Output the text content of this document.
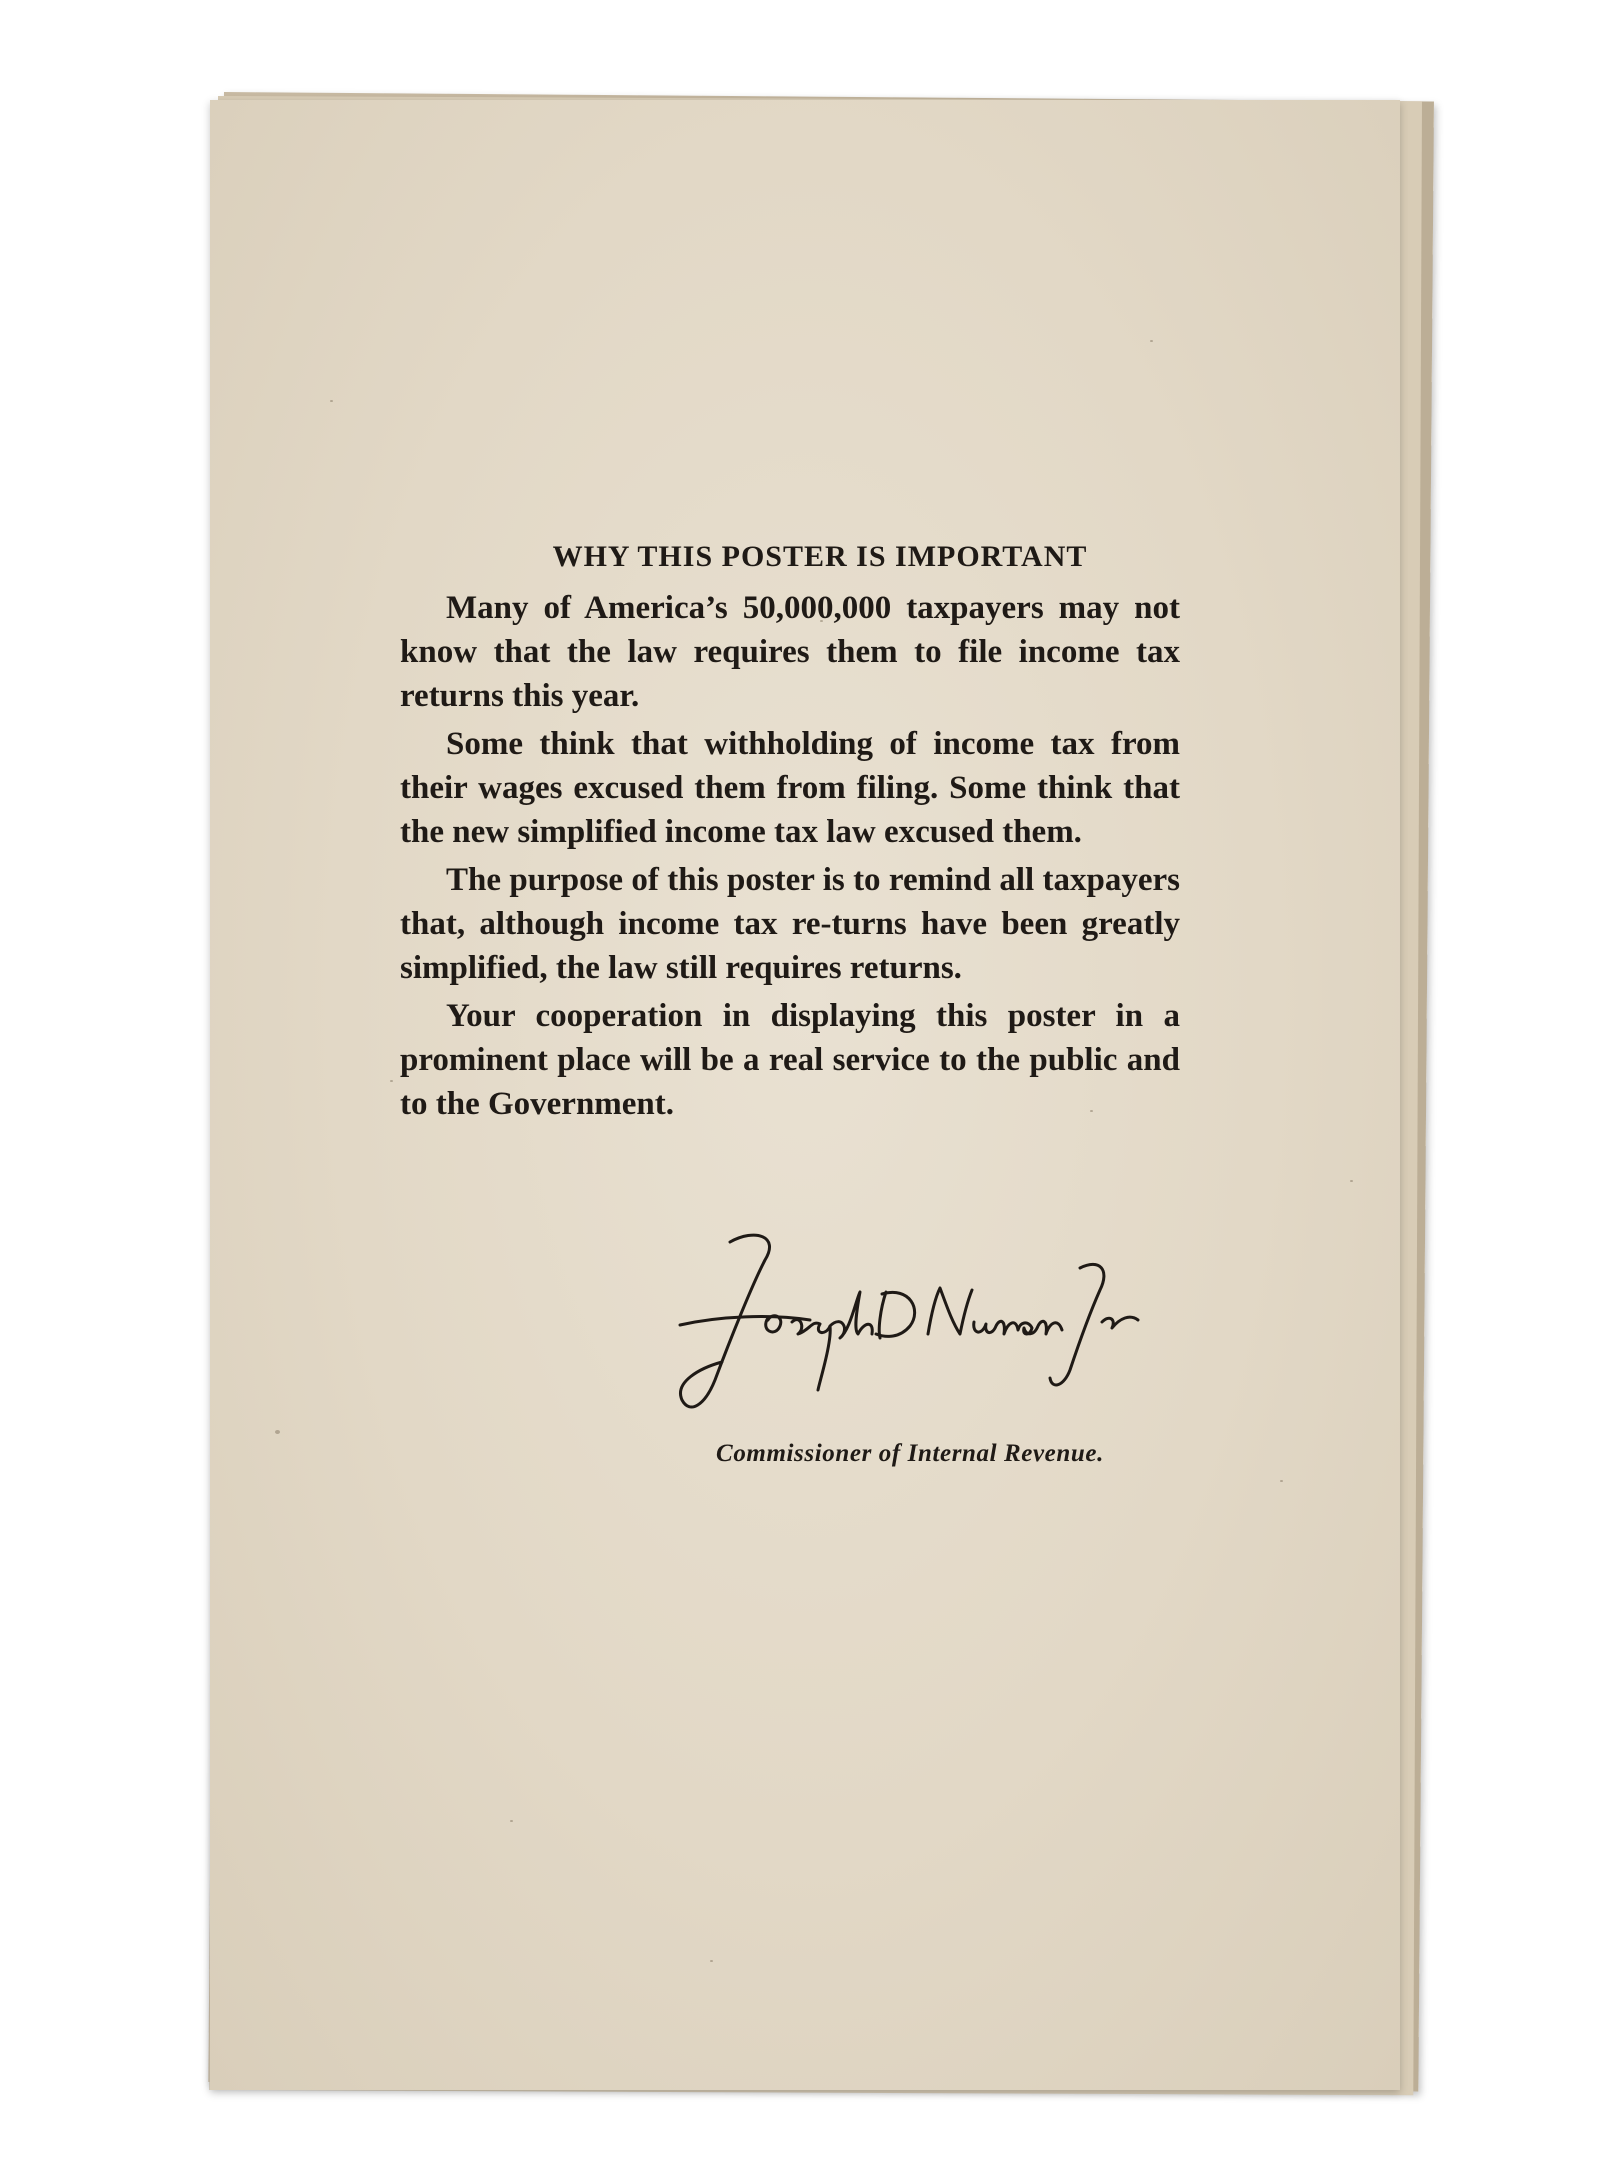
WHY THIS POSTER IS IMPORTANT

Many of America’s 50,000,000 taxpayers may not know that the law requires them to file income tax returns this year.

Some think that withholding of income tax from their wages excused them from filing. Some think that the new simplified income tax law excused them.

The purpose of this poster is to remind all taxpayers that, although income tax re-turns have been greatly simplified, the law still requires returns.

Your cooperation in displaying this poster in a prominent place will be a real service to the public and to the Government.

Commissioner of Internal Revenue.
